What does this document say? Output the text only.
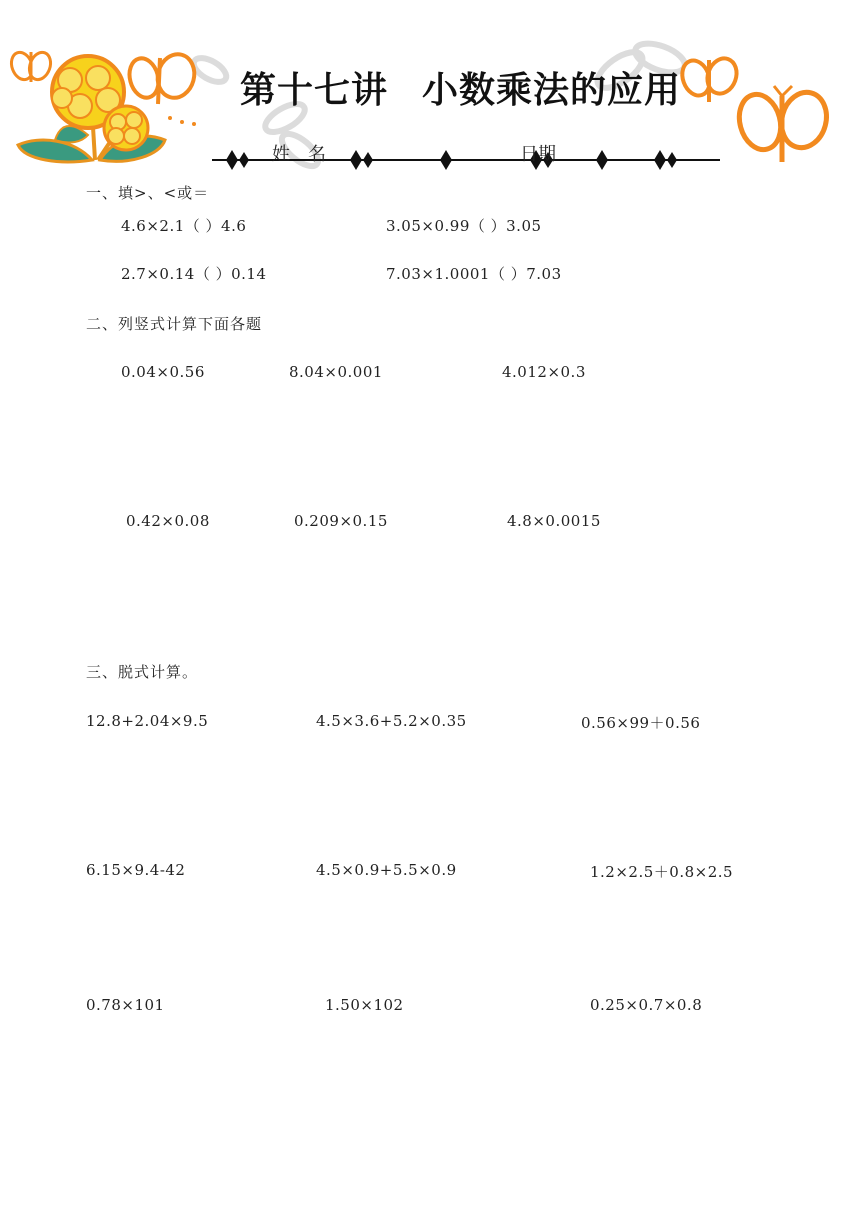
第十七讲 小数乘法的应用
姓　名	日期
一、填>、<或＝
4.6×2.1（ ）4.6	3.05×0.99（ ）3.05
2.7×0.14（ ）0.14	7.03×1.0001（ ）7.03
二、列竖式计算下面各题
0.04×0.56	8.04×0.001	4.012×0.3
0.42×0.08	0.209×0.15	4.8×0.0015
三、脱式计算。
12.8+2.04×9.5	4.5×3.6+5.2×0.35	0.56×99＋0.56
6.15×9.4-42	4.5×0.9+5.5×0.9	1.2×2.5＋0.8×2.5
0.78×101	1.50×102	0.25×0.7×0.8
